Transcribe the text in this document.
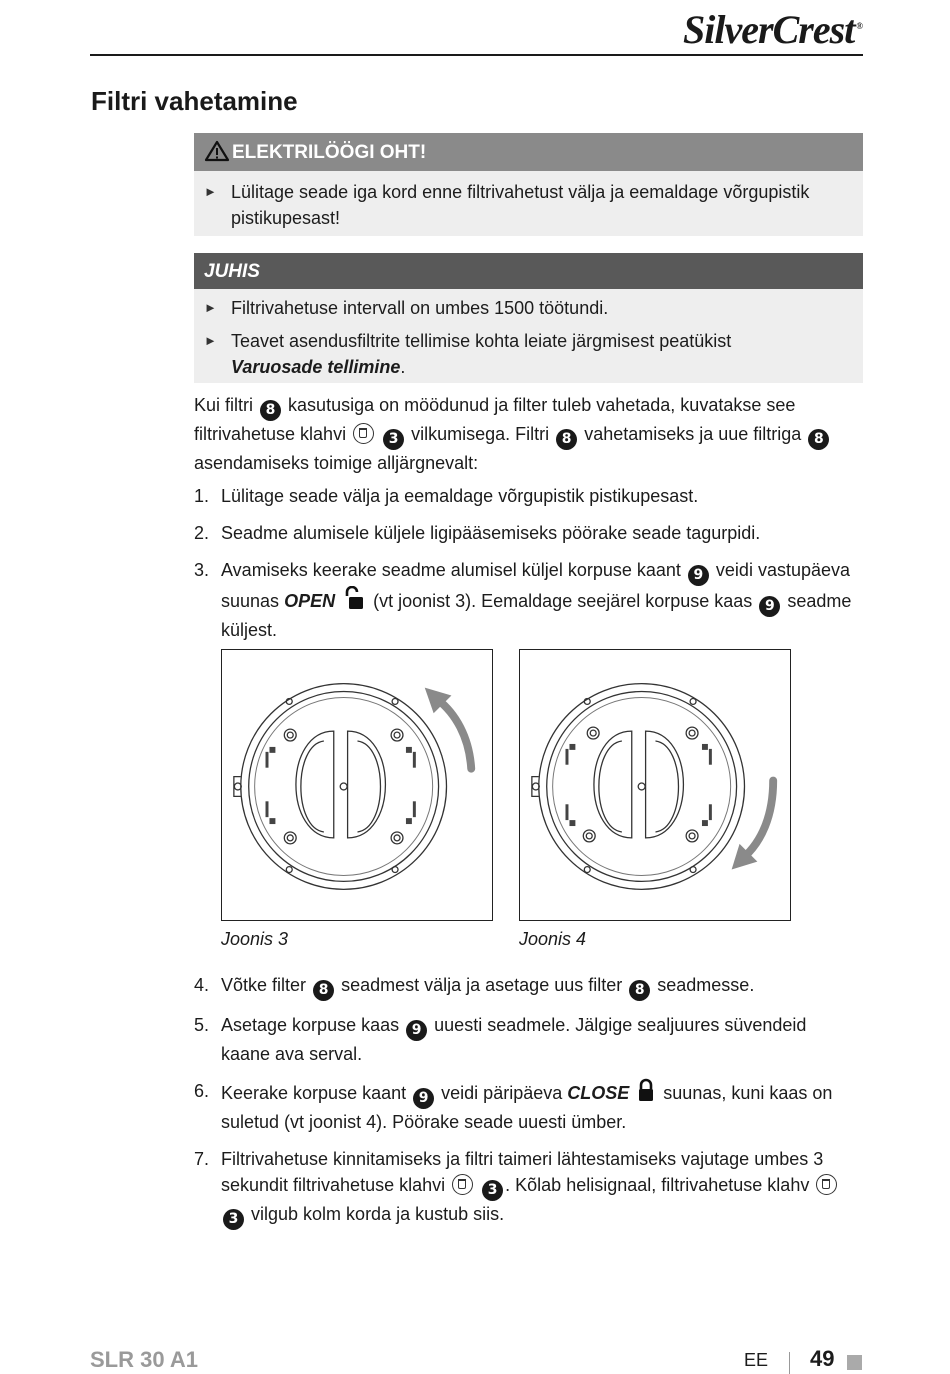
SilverCrest ®
Filtri vahetamine
ELEKTRILÖÖGI OHT!
► Lülitage seade iga kord enne filtrivahetust välja ja eemaldage võrgupistik pistikupesast!
JUHIS
► Filtrivahetuse intervall on umbes 1500 töötundi.
► Teavet asendusfiltrite tellimise kohta leiate järgmisest peatükist
Varuosade tellimine.
Kui filtri 8 kasutusiga on möödunud ja filter tuleb vahetada, kuvatakse see filtrivahetuse klahvi	3 vilkumisega. Filtri 8 vahetamiseks ja uue filtriga 8 asendamiseks toimige alljärgnevalt:
1. Lülitage seade välja ja eemaldage võrgupistik pistikupesast.
2. Seadme alumisele küljele ligipääsemiseks pöörake seade tagurpidi.
3. Avamiseks keerake seadme alumisel küljel korpuse kaant 9 veidi vastupäeva suunas OPEN (vt joonist 3). Eemaldage seejärel korpuse kaas 9 seadme küljest.
Joonis 3	Joonis 4
4. Võtke filter 8 seadmest välja ja asetage uus filter 8 seadmesse.
5. Asetage korpuse kaas 9 uuesti seadmele. Jälgige sealjuures süvendeid kaane ava serval.
6. Keerake korpuse kaant 9 veidi päripäeva CLOSE suunas, kuni kaas on suletud (vt joonist 4). Pöörake seade uuesti ümber.
7. Filtrivahetuse kinnitamiseks ja filtri taimeri lähtestamiseks vajutage umbes 3 sekundit filtrivahetuse klahvi	3 . Kõlab helisignaal, filtrivahetuse klahv  3 vilgub kolm korda ja kustub siis.
SLR 30 A1	EE 49
